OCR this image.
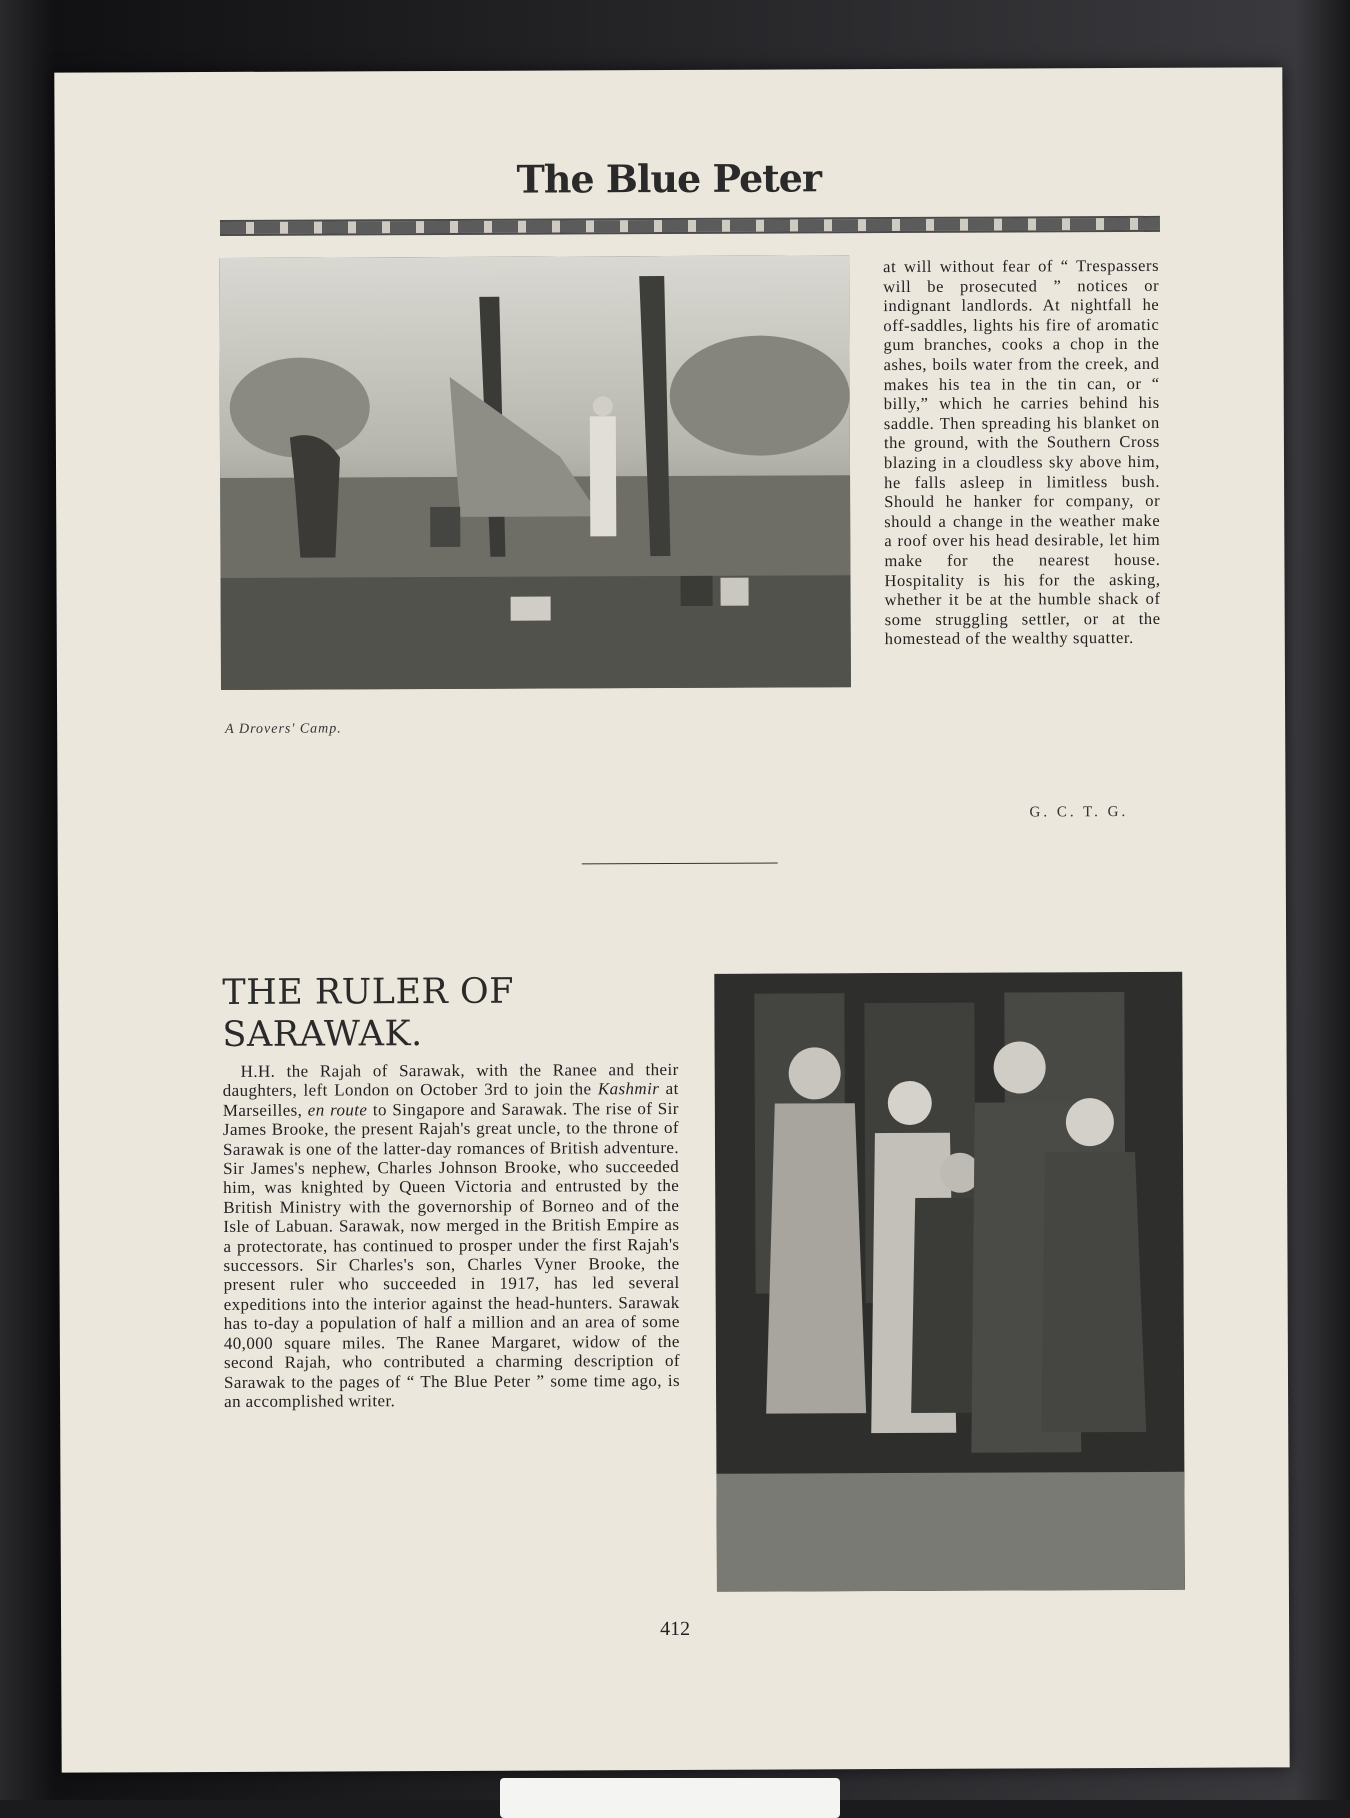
The Blue Peter
A Drovers' Camp.

at will without fear of “ Trespassers will be prosecuted ” notices or indignant landlords. At nightfall he off-saddles, lights his fire of aromatic gum branches, cooks a chop in the ashes, boils water from the creek, and makes his tea in the tin can, or “ billy,” which he carries behind his saddle. Then spreading his blanket on the ground, with the Southern Cross blazing in a cloudless sky above him, he falls asleep in limitless bush. Should he hanker for company, or should a change in the weather make a roof over his head desirable, let him make for the nearest house. Hospitality is his for the asking, whether it be at the humble shack of some struggling settler, or at the homestead of the wealthy squatter.

G. C. T. G.
THE RULER OF SARAWAK.

H.H. the Rajah of Sarawak, with the Ranee and their daughters, left London on October 3rd to join the Kashmir at Marseilles, en route to Singapore and Sarawak. The rise of Sir James Brooke, the present Rajah's great uncle, to the throne of Sarawak is one of the latter-day romances of British adventure. Sir James's nephew, Charles Johnson Brooke, who succeeded him, was knighted by Queen Victoria and entrusted by the British Ministry with the governorship of Borneo and of the Isle of Labuan. Sarawak, now merged in the British Empire as a protectorate, has continued to prosper under the first Rajah's successors. Sir Charles's son, Charles Vyner Brooke, the present ruler who succeeded in 1917, has led several expeditions into the interior against the head-hunters. Sarawak has to-day a population of half a million and an area of some 40,000 square miles. The Ranee Margaret, widow of the second Rajah, who contributed a charming description of Sarawak to the pages of “ The Blue Peter ” some time ago, is an accomplished writer.

412
